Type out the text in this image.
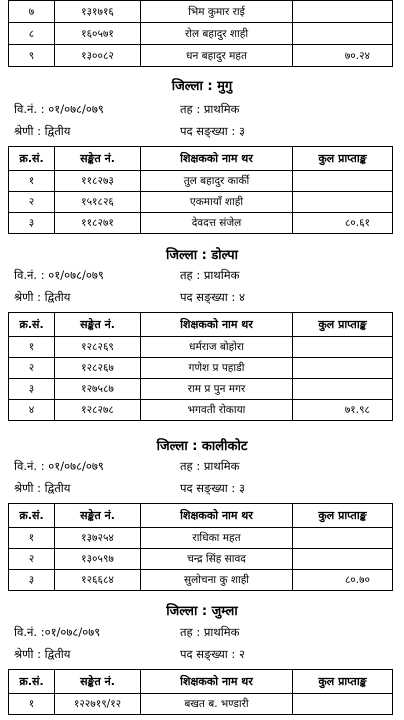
७	१३१७१६	भिम कुमार राई	
८	१६०५७१	रोल बहादुर शाही	
९	१३००८२	धन बहादुर महत	७०.२४
जिल्ला : मुगु
वि.नं. : ०१/०७८/०७९	तह : प्राथमिक
श्रेणी : द्वितीय	पद सङ्ख्या : ३
क्र.सं.	सङ्केत नं.	शिक्षकको नाम थर	कुल प्राप्ताङ्क
१	११८२७३	तुल बहादुर कार्की	
२	१५१८२६	एकमायाँ शाही	
३	११८२७१	देवदत्त संजेल	८०.६१
जिल्ला : डोल्पा
वि.नं. : ०१/०७८/०७९	तह : प्राथमिक
श्रेणी : द्वितीय	पद सङ्ख्या : ४
क्र.सं.	सङ्केत नं.	शिक्षकको नाम थर	कुल प्राप्ताङ्क
१	१२८२६९	धर्मराज बोहोरा	
२	१२८२६७	गणेश प्र पहाडी	
३	१२७५८७	राम प्र पुन मगर	
४	१२८२७८	भगवती रोकाया	७१.९८
जिल्ला : कालीकोट
वि.नं. : ०१/०७८/०७९	तह : प्राथमिक
श्रेणी : द्वितीय	पद सङ्ख्या : ३
क्र.सं.	सङ्केत नं.	शिक्षकको नाम थर	कुल प्राप्ताङ्क
१	१३७२५४	राधिका महत	
२	१३०५९७	चन्द्र सिंह सावद	
३	१२६६८४	सुलोचना कु शाही	८०.७०
जिल्ला : जुम्ला
वि.नं. :०१/०७८/०७९	तह : प्राथमिक
श्रेणी : द्वितीय	पद सङ्ख्या : २
क्र.सं.	सङ्केत नं.	शिक्षकको नाम थर	कुल प्राप्ताङ्क
१	१२२७१९/१२	बखत ब. भण्डारी	
